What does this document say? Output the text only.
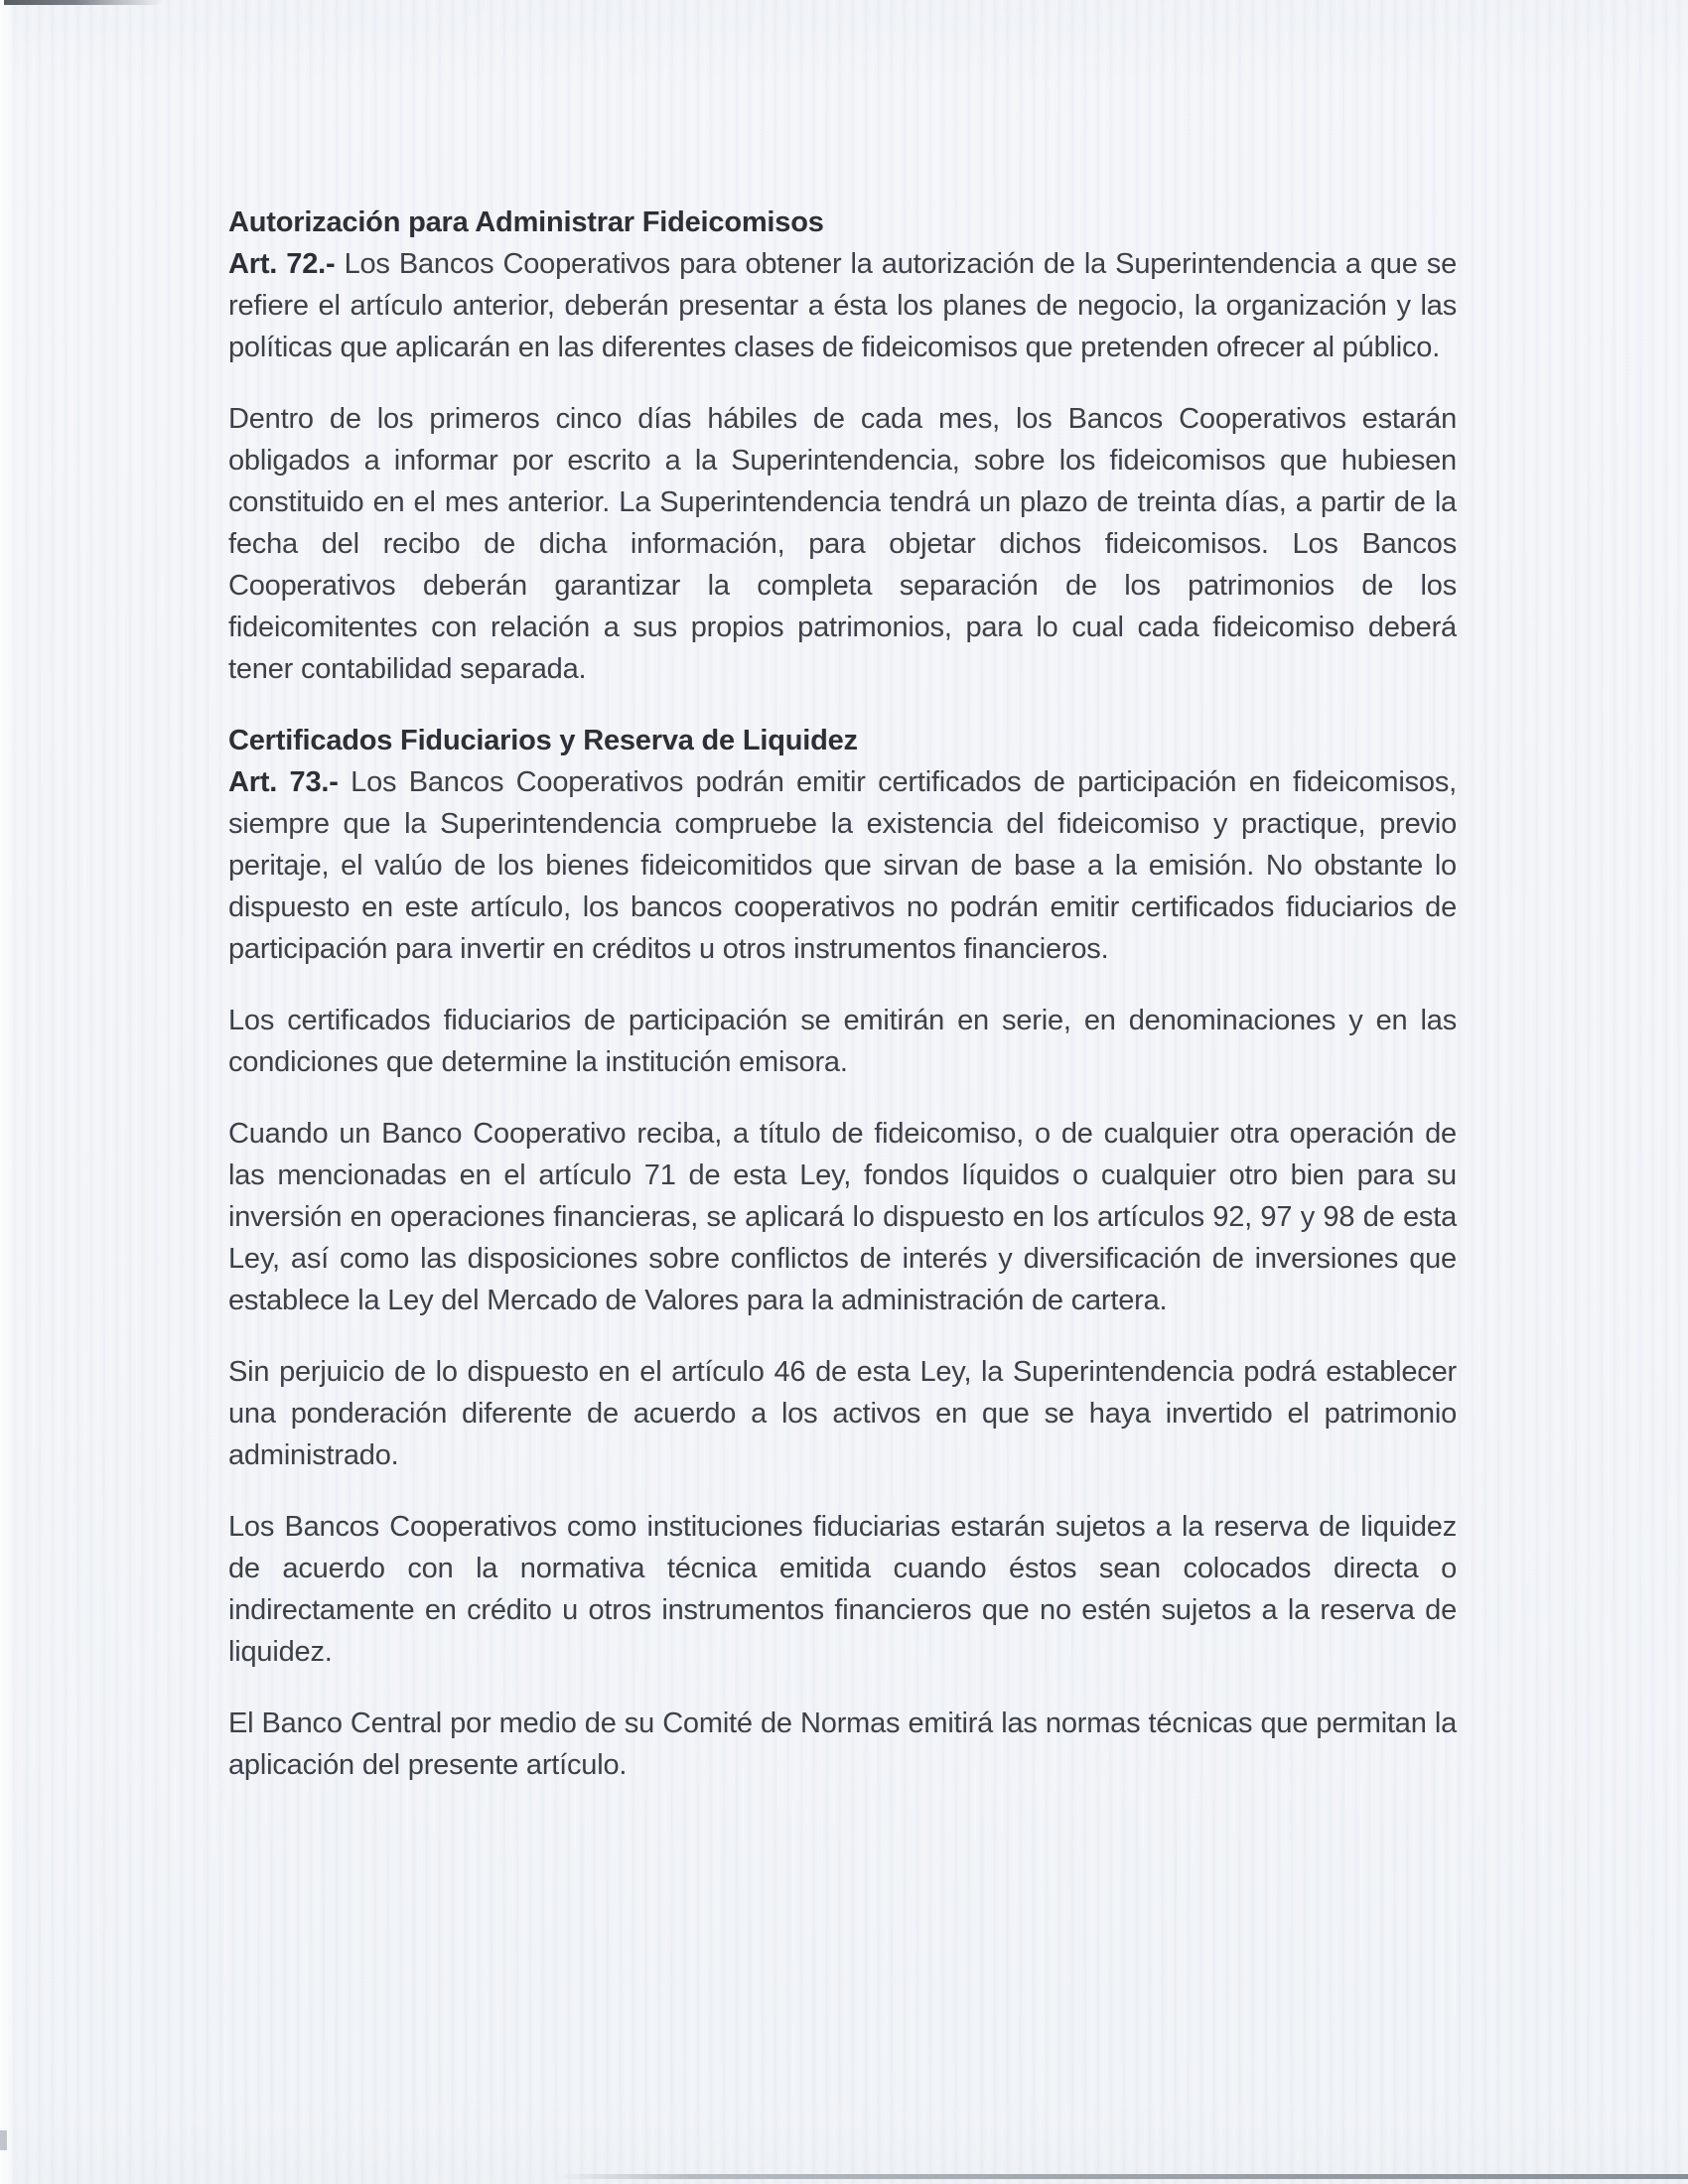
Autorización para Administrar Fideicomisos

Art. 72.- Los Bancos Cooperativos para obtener la autorización de la Superintendencia a que se refiere el artículo anterior, deberán presentar a ésta los planes de negocio, la organización y las políticas que aplicarán en las diferentes clases de fideicomisos que pretenden ofrecer al público.

Dentro de los primeros cinco días hábiles de cada mes, los Bancos Cooperativos estarán obligados a informar por escrito a la Superintendencia, sobre los fideicomisos que hubiesen constituido en el mes anterior. La Superintendencia tendrá un plazo de treinta días, a partir de la fecha del recibo de dicha información, para objetar dichos fideicomisos. Los Bancos Cooperativos deberán garantizar la completa separación de los patrimonios de los fideicomitentes con relación a sus propios patrimonios, para lo cual cada fideicomiso deberá tener contabilidad separada.

Certificados Fiduciarios y Reserva de Liquidez

Art. 73.- Los Bancos Cooperativos podrán emitir certificados de participación en fideicomisos, siempre que la Superintendencia compruebe la existencia del fideicomiso y practique, previo peritaje, el valúo de los bienes fideicomitidos que sirvan de base a la emisión. No obstante lo dispuesto en este artículo, los bancos cooperativos no podrán emitir certificados fiduciarios de participación para invertir en créditos u otros instrumentos financieros.

Los certificados fiduciarios de participación se emitirán en serie, en denominaciones y en las condiciones que determine la institución emisora.

Cuando un Banco Cooperativo reciba, a título de fideicomiso, o de cualquier otra operación de las mencionadas en el artículo 71 de esta Ley, fondos líquidos o cualquier otro bien para su inversión en operaciones financieras, se aplicará lo dispuesto en los artículos 92, 97 y 98 de esta Ley, así como las disposiciones sobre conflictos de interés y diversificación de inversiones que establece la Ley del Mercado de Valores para la administración de cartera.

Sin perjuicio de lo dispuesto en el artículo 46 de esta Ley, la Superintendencia podrá establecer una ponderación diferente de acuerdo a los activos en que se haya invertido el patrimonio administrado.

Los Bancos Cooperativos como instituciones fiduciarias estarán sujetos a la reserva de liquidez de acuerdo con la normativa técnica emitida cuando éstos sean colocados directa o indirectamente en crédito u otros instrumentos financieros que no estén sujetos a la reserva de liquidez.

El Banco Central por medio de su Comité de Normas emitirá las normas técnicas que permitan la aplicación del presente artículo.
